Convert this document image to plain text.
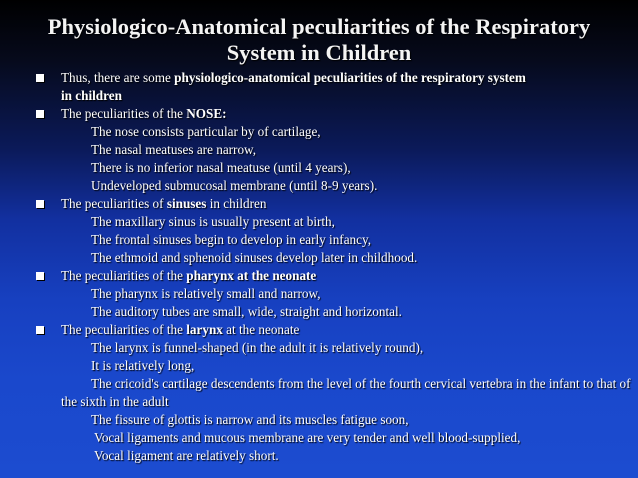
Physiologico-Anatomical peculiarities of the Respiratory
System in Children
Thus, there are some physiologico-anatomical peculiarities of the respiratory system
in children
The peculiarities of the NOSE:
The nose consists particular by of cartilage,
The nasal meatuses are narrow,
There is no inferior nasal meatuse (until 4 years),
Undeveloped submucosal membrane (until 8-9 years).
The peculiarities of sinuses in children
The maxillary sinus is usually present at birth,
The frontal sinuses begin to develop in early infancy,
The ethmoid and sphenoid sinuses develop later in childhood.
The peculiarities of the pharynx at the neonate
The pharynx is relatively small and narrow,
The auditory tubes are small, wide, straight and horizontal.
The peculiarities of the larynx at the neonate
The larynx is funnel-shaped (in the adult it is relatively round),
It is relatively long,
The cricoid's cartilage descendents from the level of the fourth cervical vertebra in the infant to that of the sixth in the adult
The fissure of glottis is narrow and its muscles fatigue soon,
Vocal ligaments and mucous membrane are very tender and well blood-supplied,
Vocal ligament are relatively short.
